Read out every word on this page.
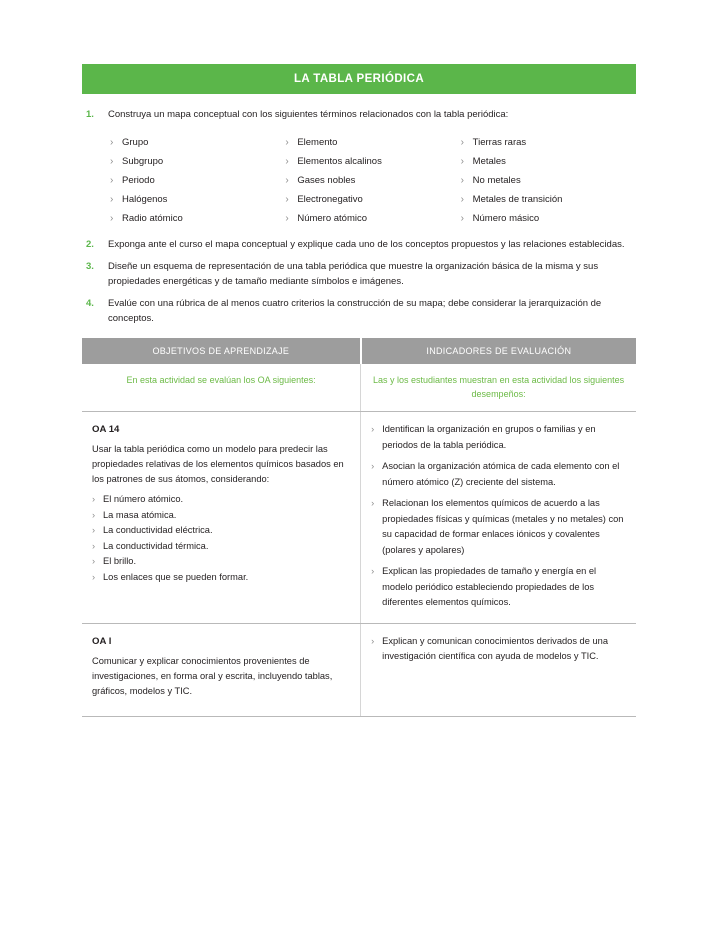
LA TABLA PERIÓDICA
1.	Construya un mapa conceptual con los siguientes términos relacionados con la tabla periódica:
› Grupo	› Elemento	› Tierras raras
› Subgrupo	› Elementos alcalinos	› Metales
› Periodo	› Gases nobles	› No metales
› Halógenos	› Electronegativo	› Metales de transición
› Radio atómico	› Número atómico	› Número másico
2.	Exponga ante el curso el mapa conceptual y explique cada uno de los conceptos propuestos y las relaciones establecidas.
3.	Diseñe un esquema de representación de una tabla periódica que muestre la organización básica de la misma y sus propiedades energéticas y de tamaño mediante símbolos e imágenes.
4.	Evalúe con una rúbrica de al menos cuatro criterios la construcción de su mapa; debe considerar la jerarquización de conceptos.
OBJETIVOS DE APRENDIZAJE	INDICADORES DE EVALUACIÓN
En esta actividad se evalúan los OA siguientes:	Las y los estudiantes muestran en esta actividad los siguientes desempeños:

OA 14
Usar la tabla periódica como un modelo para predecir las propiedades relativas de los elementos químicos basados en los patrones de sus átomos, considerando:
› El número atómico.
› La masa atómica.
› La conductividad eléctrica.
› La conductividad térmica.
› El brillo.
› Los enlaces que se pueden formar.

› Identifican la organización en grupos o familias y en periodos de la tabla periódica.
› Asocian la organización atómica de cada elemento con el número atómico (Z) creciente del sistema.
› Relacionan los elementos químicos de acuerdo a las propiedades físicas y químicas (metales y no metales) con su capacidad de formar enlaces iónicos y covalentes (polares y apolares)
› Explican las propiedades de tamaño y energía en el modelo periódico estableciendo propiedades de los diferentes elementos químicos.

OA l
Comunicar y explicar conocimientos provenientes de investigaciones, en forma oral y escrita, incluyendo tablas, gráficos, modelos y TIC.

› Explican y comunican conocimientos derivados de una investigación científica con ayuda de modelos y TIC.
